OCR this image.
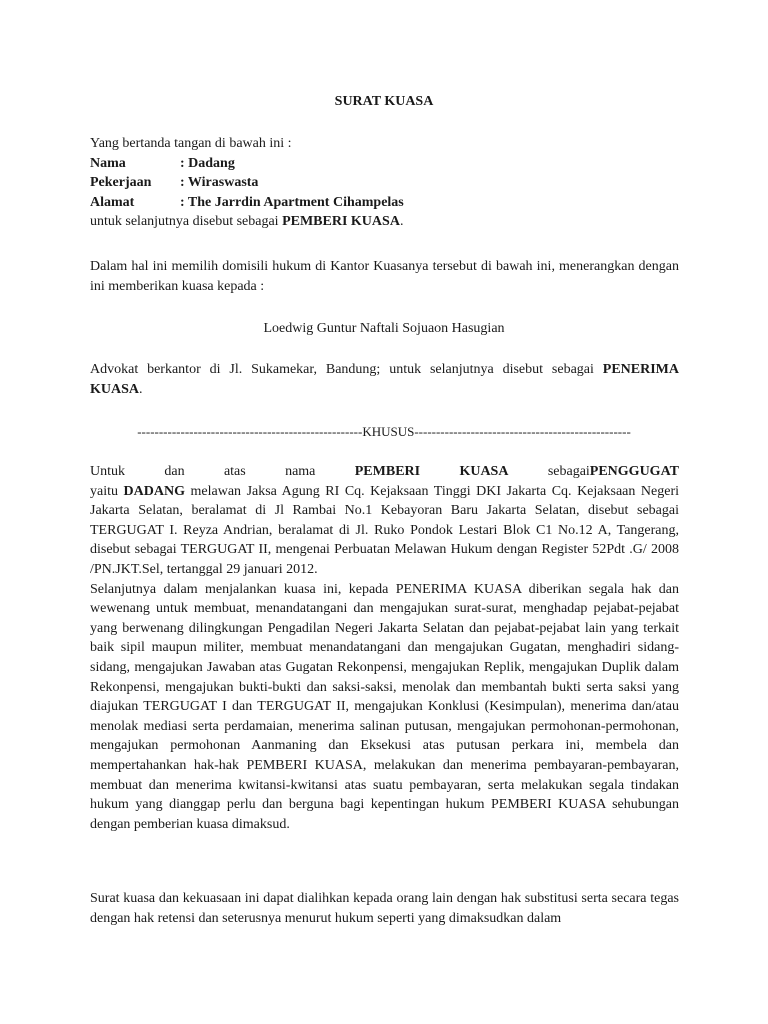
SURAT KUASA
Yang bertanda tangan di bawah ini :
Nama	: Dadang
Pekerjaan : Wiraswasta
Alamat	: The Jarrdin Apartment Cihampelas
untuk selanjutnya disebut sebagai PEMBERI KUASA.
Dalam hal ini memilih domisili hukum di Kantor Kuasanya tersebut di bawah ini, menerangkan dengan ini memberikan kuasa kepada :
Loedwig Guntur Naftali Sojuaon Hasugian
Advokat berkantor di Jl. Sukamekar, Bandung; untuk selanjutnya disebut sebagai PENERIMA KUASA.
----------------------------------------------------KHUSUS--------------------------------------------------
Untuk	dan	atas	nama	PEMBERI KUASA	sebagaiPENGGUGAT
yaitu DADANG melawan Jaksa Agung RI Cq. Kejaksaan Tinggi DKI Jakarta Cq. Kejaksaan Negeri Jakarta Selatan, beralamat di Jl Rambai No.1 Kebayoran Baru Jakarta Selatan, disebut sebagai TERGUGAT I. Reyza Andrian, beralamat di Jl. Ruko Pondok Lestari Blok C1 No.12 A, Tangerang, disebut sebagai TERGUGAT II, mengenai Perbuatan Melawan Hukum dengan Register 52Pdt .G/ 2008 /PN.JKT.Sel, tertanggal 29 januari 2012.
Selanjutnya dalam menjalankan kuasa ini, kepada PENERIMA KUASA diberikan segala hak dan wewenang untuk membuat, menandatangani dan mengajukan surat-surat, menghadap pejabat-pejabat yang berwenang dilingkungan Pengadilan Negeri Jakarta Selatan dan pejabat-pejabat lain yang terkait baik sipil maupun militer, membuat menandatangani dan mengajukan Gugatan, menghadiri sidang-sidang, mengajukan Jawaban atas Gugatan Rekonpensi, mengajukan Replik, mengajukan Duplik dalam Rekonpensi, mengajukan bukti-bukti dan saksi-saksi, menolak dan membantah bukti serta saksi yang diajukan TERGUGAT I dan TERGUGAT II, mengajukan Konklusi (Kesimpulan), menerima dan/atau menolak mediasi serta perdamaian, menerima salinan putusan, mengajukan permohonan-permohonan, mengajukan permohonan Aanmaning dan Eksekusi atas putusan perkara ini, membela dan mempertahankan hak-hak PEMBERI KUASA, melakukan dan menerima pembayaran-pembayaran, membuat dan menerima kwitansi-kwitansi atas suatu pembayaran, serta melakukan segala tindakan hukum yang dianggap perlu dan berguna bagi kepentingan hukum PEMBERI KUASA sehubungan dengan pemberian kuasa dimaksud.
Surat kuasa dan kekuasaan ini dapat dialihkan kepada orang lain dengan hak substitusi serta secara tegas dengan hak retensi dan seterusnya menurut hukum seperti yang dimaksudkan dalam
